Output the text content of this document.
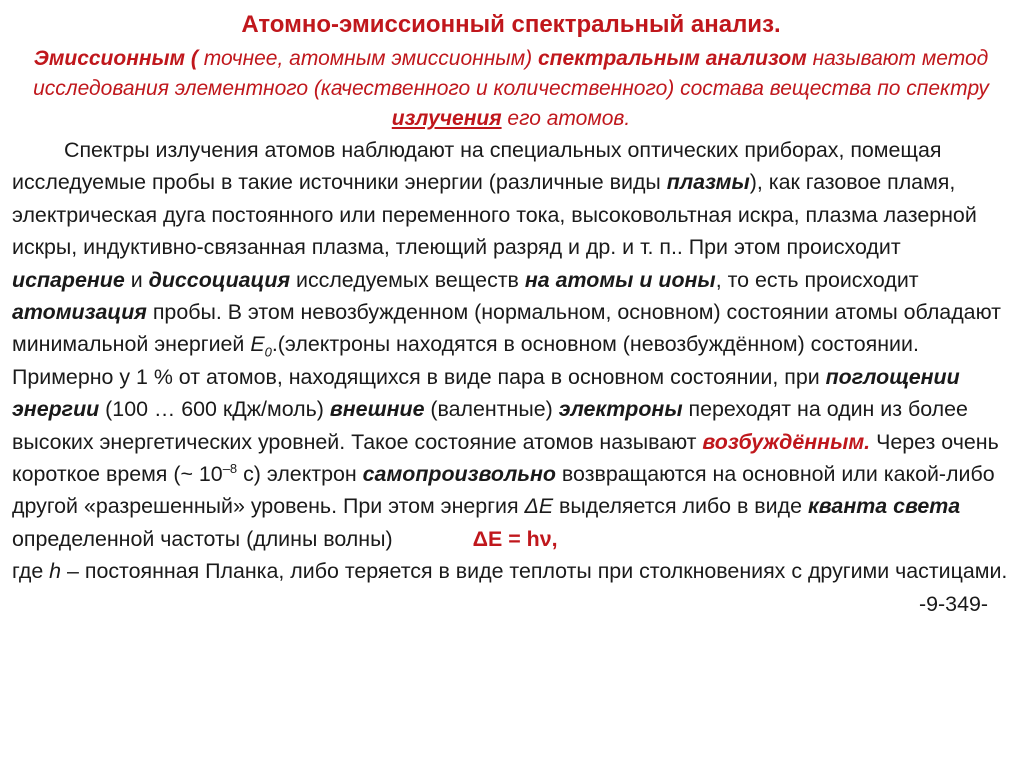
Атомно-эмиссионный спектральный анализ.

Эмиссионным ( точнее, атомным эмиссионным) спектральным анализом называют метод исследования элементного (качественного и количественного) состава вещества по спектру излучения его атомов.

Спектры излучения атомов наблюдают на специальных оптических приборах, помещая исследуемые пробы в такие источники энергии (различные виды плазмы), как газовое пламя, электрическая дуга постоянного или переменного тока, высоковольтная искра, плазма лазерной искры, индуктивно-связанная плазма, тлеющий разряд и др. и т. п.. При этом происходит испарение и диссоциация исследуемых веществ на атомы и ионы, то есть происходит атомизация пробы. В этом невозбужденном (нормальном, основном) состоянии атомы обладают минимальной энергией $E_0.(электроны$ находятся в основном (невозбуждённом) состоянии.

Примерно у 1 % от атомов, находящихся в виде пара в основном состоянии, при поглощении энергии (100 … 600 кДж/моль) внешние (валентные) электроны переходят на один из более высоких энергетических уровней. Такое состояние атомов называют возбуждённым. Через очень короткое время (~ $10^{-8}$ с) электрон самопроизвольно возвращаются на основной или какой-либо другой «разрешенный» уровень. При этом энергия ΔE выделяется либо в виде кванта света определенной частоты (длины волны)	ΔE = hν,

где h – постоянная Планка, либо теряется в виде теплоты при столкновениях с другими частицами.
-9-349-
